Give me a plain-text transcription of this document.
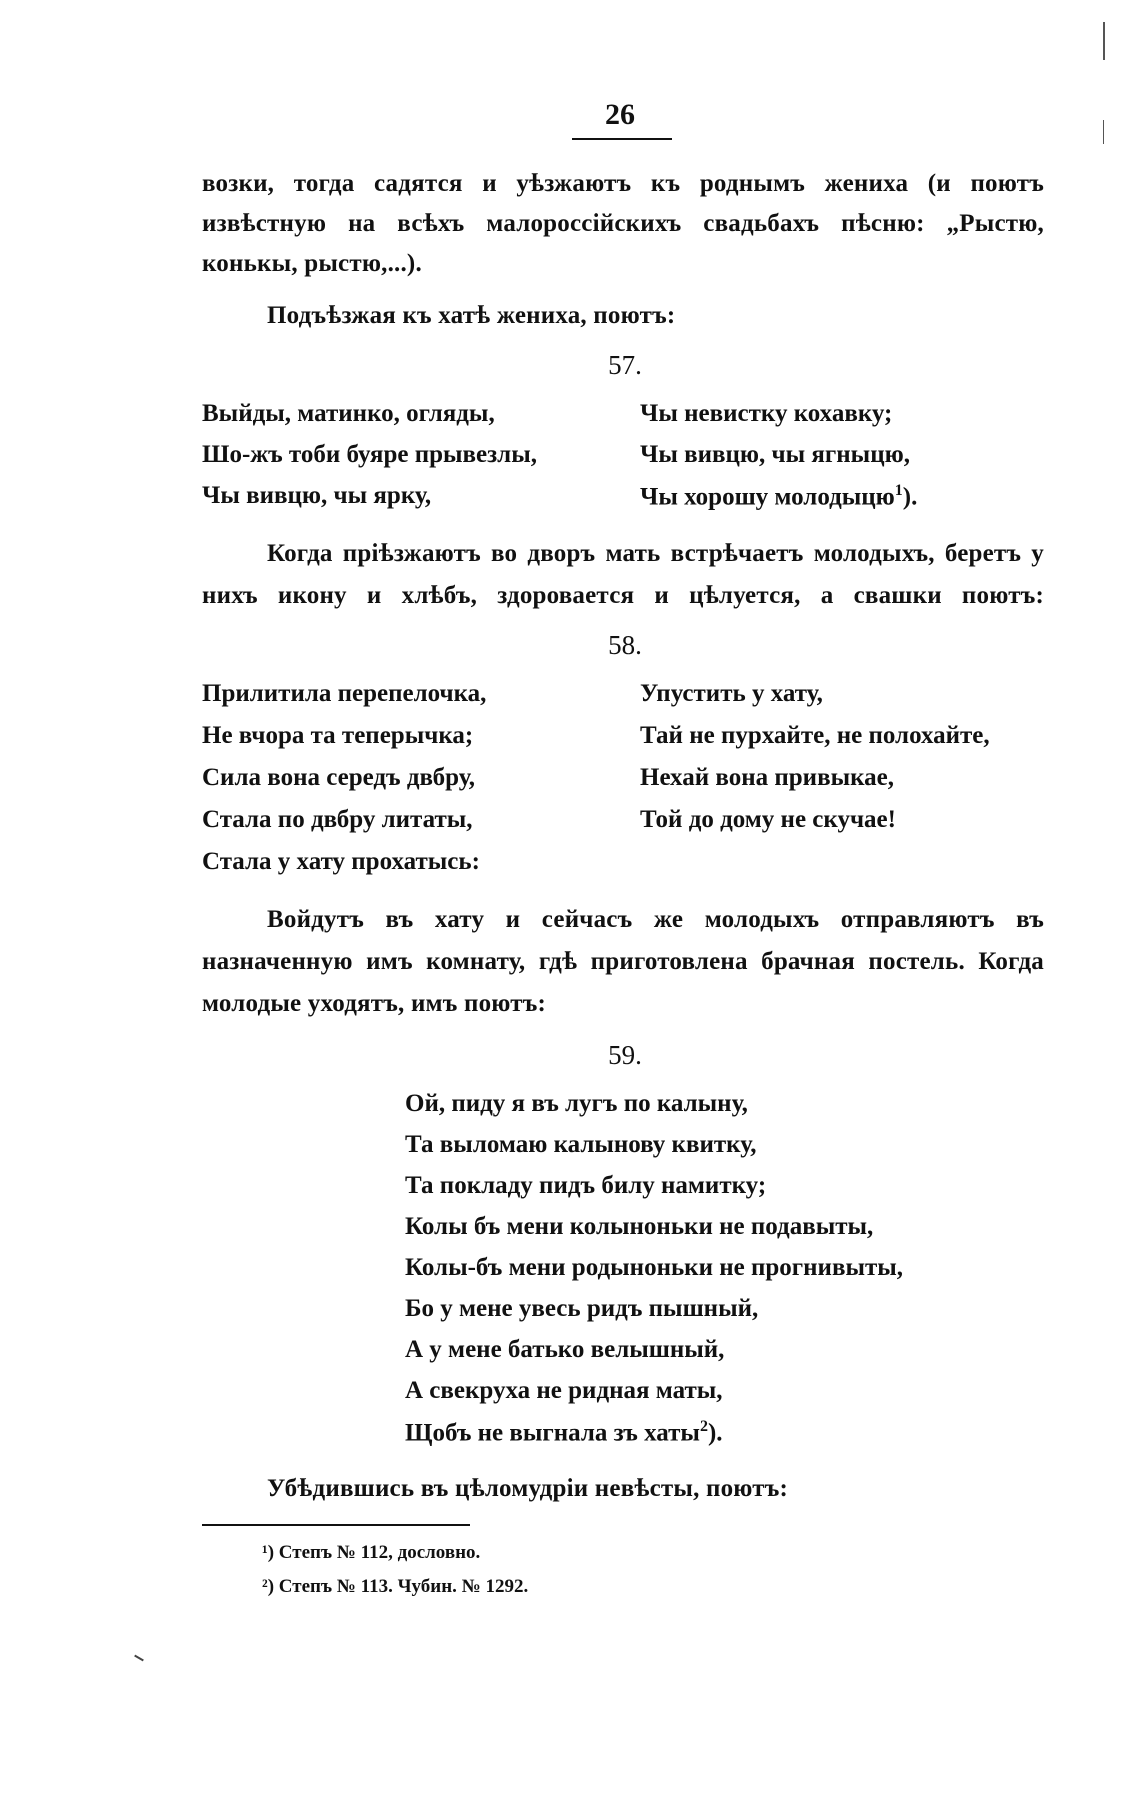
26
возки, тогда садятся и уѣзжаютъ къ роднымъ жениха (и поютъ
извѣстную на всѣхъ малороссійскихъ свадьбахъ пѣсню: „Рыстю,
конькы, рыстю,...).
Подъѣзжая къ хатѣ жениха, поютъ:
57.
Выйды, матинко, огляды,
Шо-жъ тоби буяре прывезлы,
Чы вивцю, чы ярку,
Чы невистку кохавку;
Чы вивцю, чы ягныцю,
Чы хорошу молодыцю$^1$).
Когда пріѣзжаютъ во дворъ мать встрѣчаетъ молодыхъ, беретъ у
нихъ икону и хлѣбъ, здоровается и цѣлуется, а свашки поютъ:
58.
Прилитила перепелочка,
Не вчора та теперычка;
Сила вона середъ двбру,
Стала по двбру литаты,
Стала у хату прохатысь:
Упустить у хату,
Тай не пурхайте, не полохайте,
Нехай вона привыкае,
Той до дому не скучае!
Войдутъ въ хату и сейчасъ же молодыхъ отправляютъ въ
назначенную имъ комнату, гдѣ приготовлена брачная постель. Когда
молодые уходятъ, имъ поютъ:
59.
Ой, пиду я въ лугъ по калыну,
Та выломаю калынову квитку,
Та покладу пидъ билу намитку;
Колы бъ мени колыноньки не подавыты,
Колы-бъ мени родыноньки не прогнивыты,
Бо у мене увесь ридъ пышный,
А у мене батько велышный,
А свекруха не ридная маты,
Щобъ не выгнала зъ хаты$^2$).
Убѣдившись въ цѣломудріи невѣсты, поютъ:
¹) Степъ № 112, дословно.
²) Степъ № 113. Чубин. № 1292.
